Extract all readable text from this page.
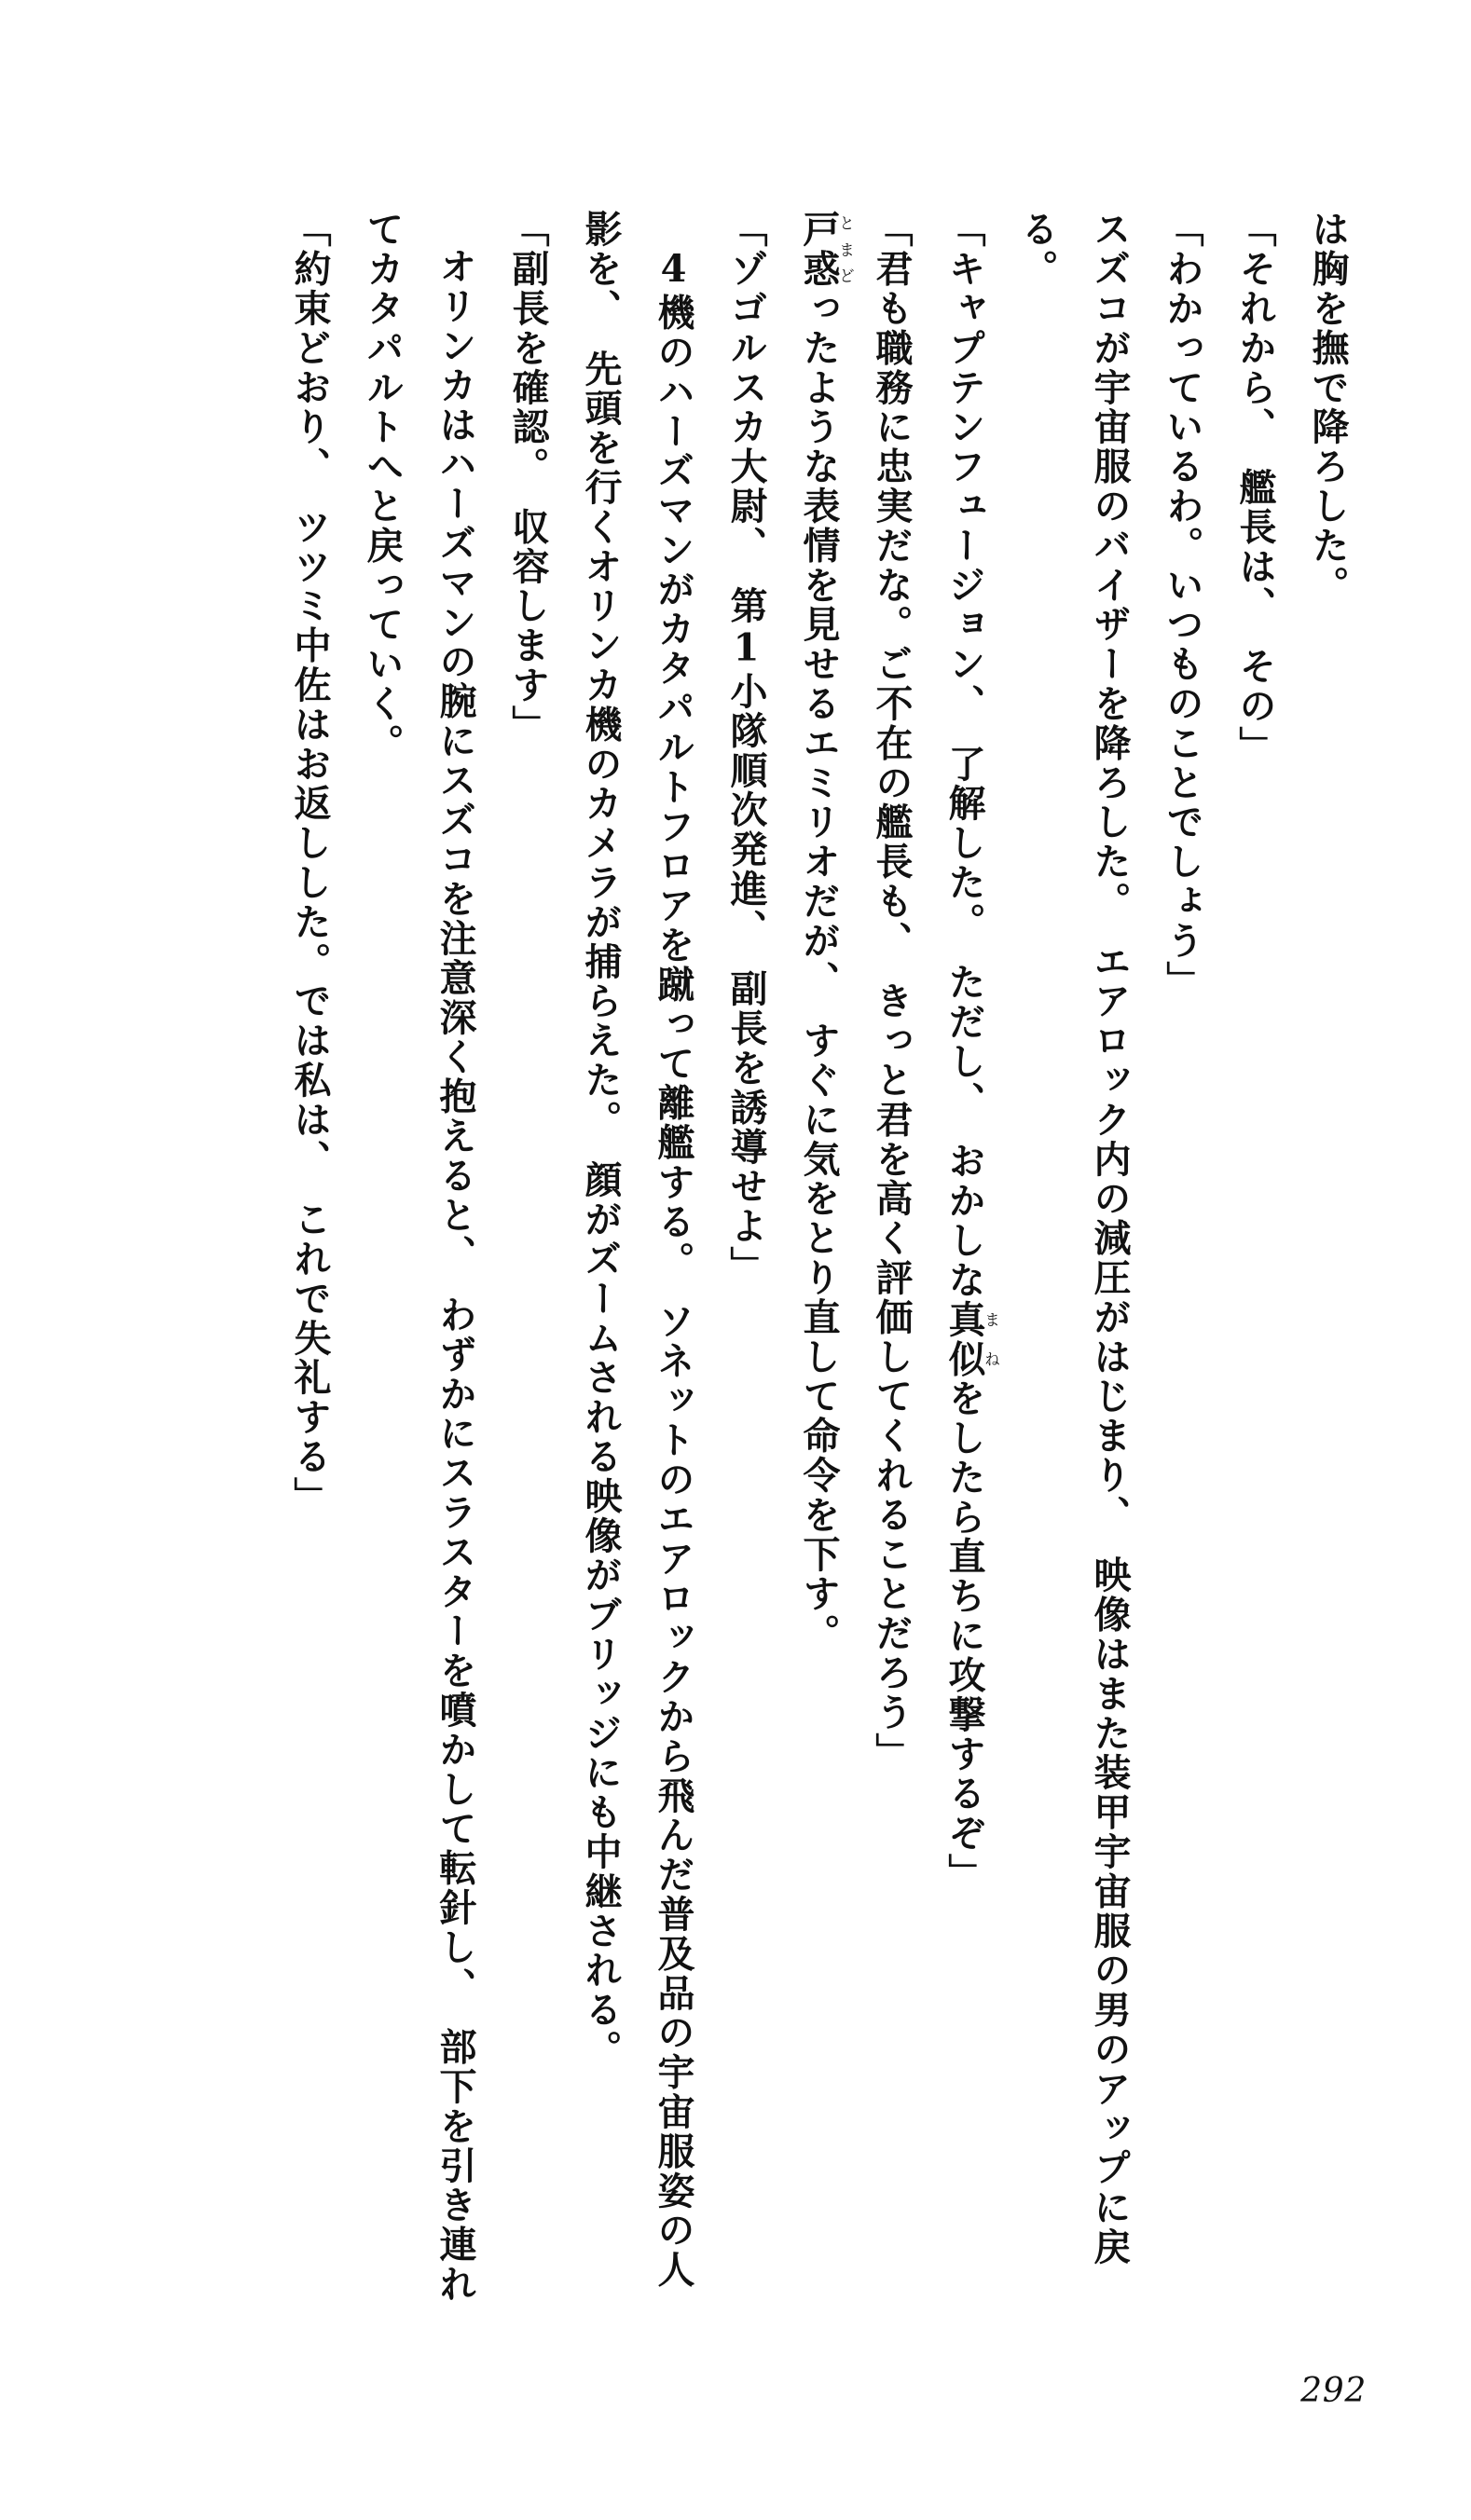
は胸を撫で降ろした。

「それから、　艦長は、　その」

「わかっているわ。いつものことでしょう」

スズコが宇宙服のバイザーを降ろした。　エアロック内の減圧がはじまり、　映像はまた装甲宇宙服の男のアップに戻る。

「キャプテンフュージョン、　了解した。　ただし、　おかしな真似まねをしたら直ちに攻撃するぞ」

「君も職務に忠実だな。ご不在の艦長も、　きっと君を高く評価してくれることだろう」

戸惑とまどったような表情を見せるエミリオだが、　すぐに気をとり直して命令を下す。

「ゾゴルスカ大尉、　第1小隊順次発進、　副長を誘導せよ」

4機のハーズマンがカタパルトフロアを蹴って離艦する。　ソネットのエアロックから飛んだ普及品の宇宙服姿の人影を、　先頭を行くオリンカ機のカメラが捕らえた。　顔がズームされる映像がブリッジにも中継される。

「副長を確認。　収容します」

オリンカはハーズマンの腕にスズコを注意深く抱えると、　わずかにスラスターを噴かして転針し、　部下を引き連れてカタパルトへと戻っていく。

「約束どおり、　ツツミ中佐はお返しした。では私は、　これで失礼する」

292
